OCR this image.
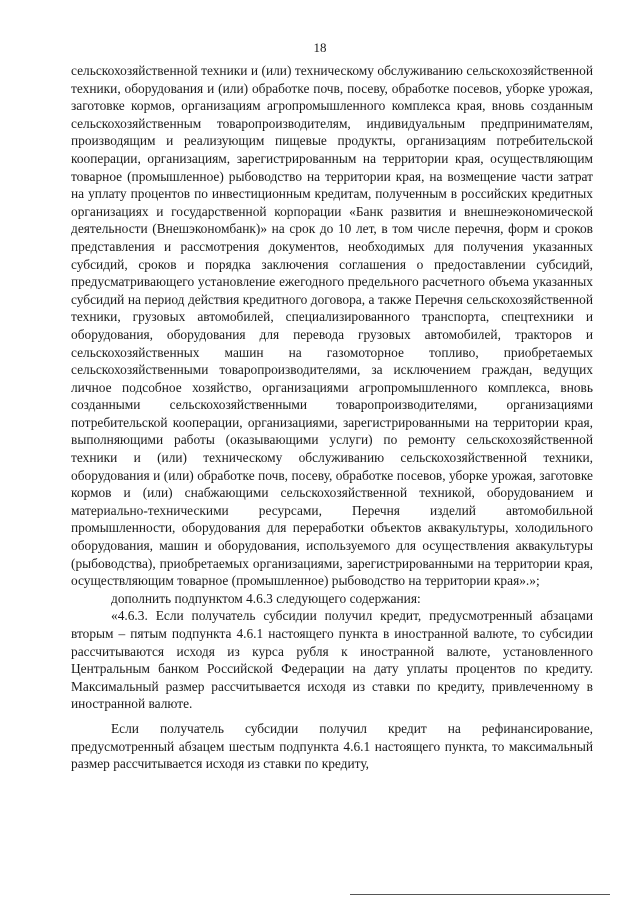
18

сельскохозяйственной техники и (или) техническому обслуживанию сельскохозяйственной техники, оборудования и (или) обработке почв, посеву, обработке посевов, уборке урожая, заготовке кормов, организациям агропромышленного комплекса края, вновь созданным сельскохозяйственным товаропроизводителям, индивидуальным предпринимателям, производящим и реализующим пищевые продукты, организациям потребительской кооперации, организациям, зарегистрированным на территории края, осуществляющим товарное (промышленное) рыбоводство на территории края, на возмещение части затрат на уплату процентов по инвестиционным кредитам, полученным в российских кредитных организациях и государственной корпорации «Банк развития и внешнеэкономической деятельности (Внешэкономбанк)» на срок до 10 лет, в том числе перечня, форм и сроков представления и рассмотрения документов, необходимых для получения указанных субсидий, сроков и порядка заключения соглашения о предоставлении субсидий, предусматривающего установление ежегодного предельного расчетного объема указанных субсидий на период действия кредитного договора, а также Перечня сельскохозяйственной техники, грузовых автомобилей, специализированного транспорта, спецтехники и оборудования, оборудования для перевода грузовых автомобилей, тракторов и сельскохозяйственных машин на газомоторное топливо, приобретаемых сельскохозяйственными товаропроизводителями, за исключением граждан, ведущих личное подсобное хозяйство, организациями агропромышленного комплекса, вновь созданными сельскохозяйственными товаропроизводителями, организациями потребительской кооперации, организациями, зарегистрированными на территории края, выполняющими работы (оказывающими услуги) по ремонту сельскохозяйственной техники и (или) техническому обслуживанию сельскохозяйственной техники, оборудования и (или) обработке почв, посеву, обработке посевов, уборке урожая, заготовке кормов и (или) снабжающими сельскохозяйственной техникой, оборудованием и материально-техническими ресурсами, Перечня изделий автомобильной промышленности, оборудования для переработки объектов аквакультуры, холодильного оборудования, машин и оборудования, используемого для осуществления аквакультуры (рыбоводства), приобретаемых организациями, зарегистрированными на территории края, осуществляющим товарное (промышленное) рыбоводство на территории края».»;

дополнить подпунктом 4.6.3 следующего содержания:

«4.6.3. Если получатель субсидии получил кредит, предусмотренный абзацами вторым – пятым подпункта 4.6.1 настоящего пункта в иностранной валюте, то субсидии рассчитываются исходя из курса рубля к иностранной валюте, установленного Центральным банком Российской Федерации на дату уплаты процентов по кредиту. Максимальный размер рассчитывается исходя из ставки по кредиту, привлеченному в иностранной валюте.

Если получатель субсидии получил кредит на рефинансирование, предусмотренный абзацем шестым подпункта 4.6.1 настоящего пункта, то максимальный размер рассчитывается исходя из ставки по кредиту,
